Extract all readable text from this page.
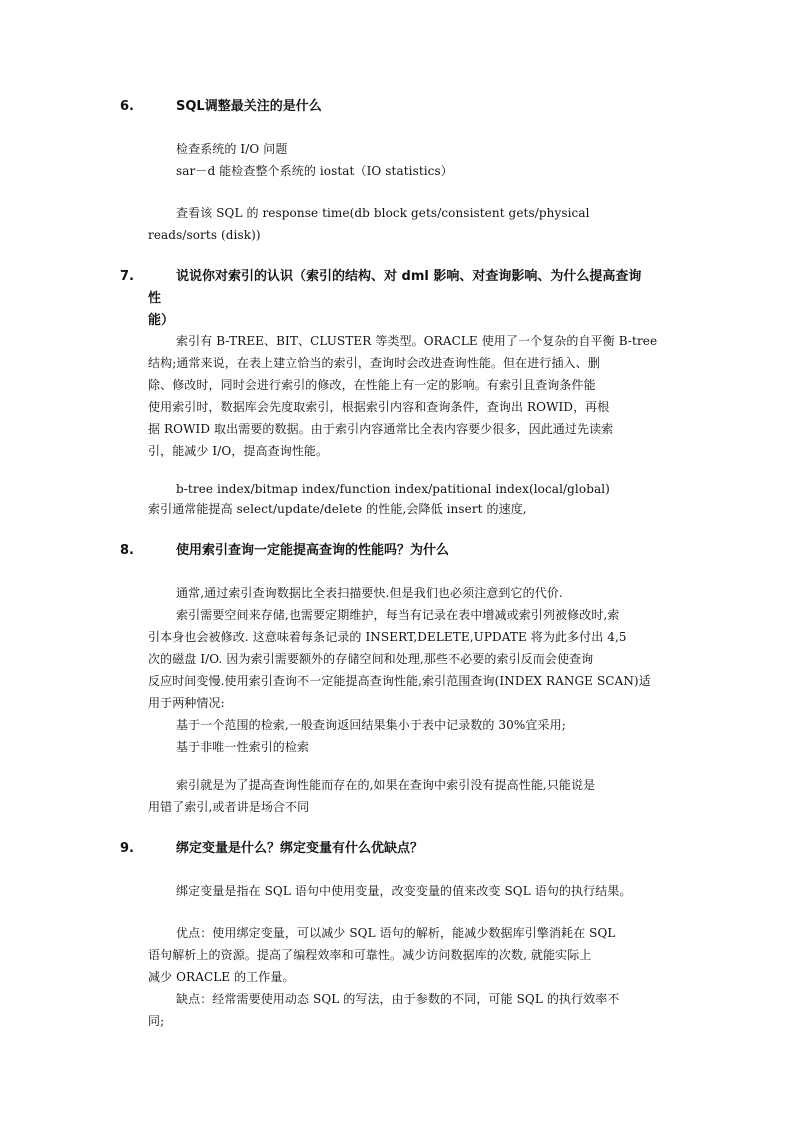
6.	SQL调整最关注的是什么
检查系统的 I/O 问题
sar－d 能检查整个系统的 iostat（IO statistics）
查看该 SQL 的 response time(db block gets/consistent gets/physical
reads/sorts (disk))
7.	说说你对索引的认识（索引的结构、对 dml 影响、对查询影响、为什么提高查询
性能）
索引有 B-TREE、BIT、CLUSTER 等类型。ORACLE 使用了一个复杂的自平衡 B-tree
结构;通常来说，在表上建立恰当的索引，查询时会改进查询性能。但在进行插入、删
除、修改时，同时会进行索引的修改，在性能上有一定的影响。有索引且查询条件能
使用索引时，数据库会先度取索引，根据索引内容和查询条件，查询出 ROWID，再根
据 ROWID 取出需要的数据。由于索引内容通常比全表内容要少很多，因此通过先读索
引，能减少 I/O，提高查询性能。
b-tree index/bitmap index/function index/patitional index(local/global)
索引通常能提高 select/update/delete 的性能,会降低 insert 的速度,
8.	使用索引查询一定能提高查询的性能吗？为什么
通常,通过索引查询数据比全表扫描要快.但是我们也必须注意到它的代价.
索引需要空间来存储,也需要定期维护，每当有记录在表中增减或索引列被修改时,索
引本身也会被修改. 这意味着每条记录的 INSERT,DELETE,UPDATE 将为此多付出 4,5
次的磁盘 I/O. 因为索引需要额外的存储空间和处理,那些不必要的索引反而会使查询
反应时间变慢.使用索引查询不一定能提高查询性能,索引范围查询(INDEX RANGE SCAN)适
用于两种情况:
基于一个范围的检索,一般查询返回结果集小于表中记录数的 30%宜采用;
基于非唯一性索引的检索
索引就是为了提高查询性能而存在的,如果在查询中索引没有提高性能,只能说是
用错了索引,或者讲是场合不同
9.	绑定变量是什么？绑定变量有什么优缺点？
绑定变量是指在 SQL 语句中使用变量，改变变量的值来改变 SQL 语句的执行结果。
优点：使用绑定变量，可以减少 SQL 语句的解析，能减少数据库引擎消耗在 SQL
语句解析上的资源。提高了编程效率和可靠性。减少访问数据库的次数, 就能实际上
减少 ORACLE 的工作量。
缺点：经常需要使用动态 SQL 的写法，由于参数的不同，可能 SQL 的执行效率不
同;
